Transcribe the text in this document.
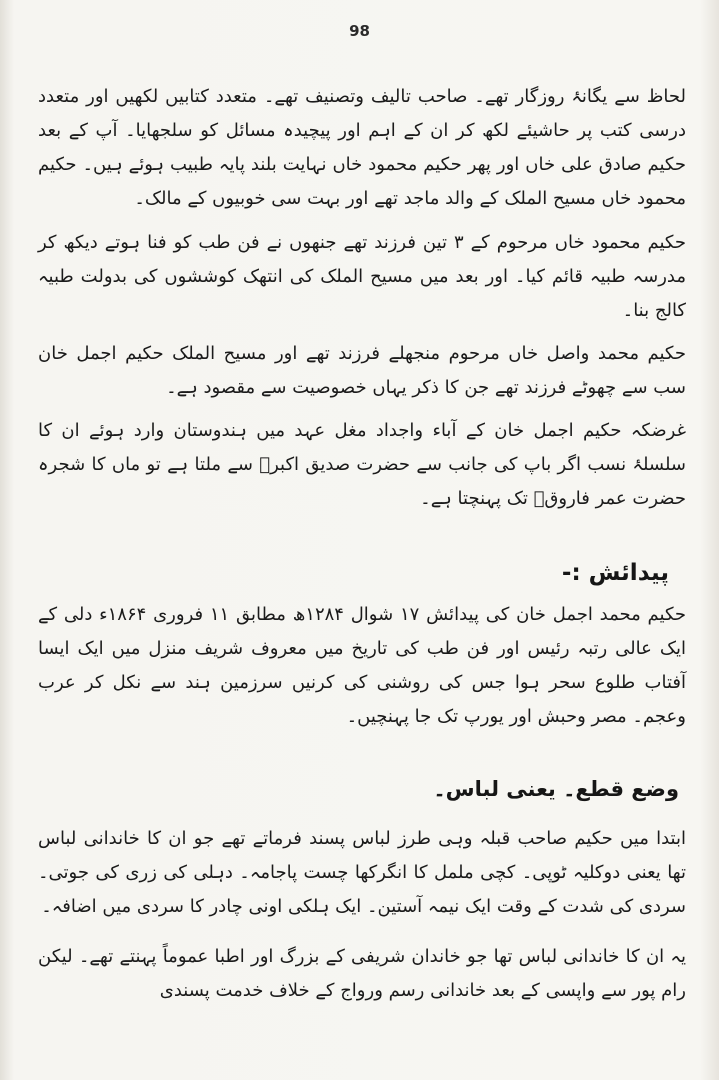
98

لحاظ سے یگانۂ روزگار تھے۔ صاحب تالیف وتصنیف تھے۔ متعدد کتابیں لکھیں اور متعدد درسی کتب پر حاشیئے لکھ کر ان کے اہم اور پیچیدہ مسائل کو سلجھایا۔ آپ کے بعد حکیم صادق علی خاں اور پھر حکیم محمود خاں نہایت بلند پایہ طبیب ہوئے ہیں۔ حکیم محمود خاں مسیح الملک کے والد ماجد تھے اور بہت سی خوبیوں کے مالک۔

حکیم محمود خاں مرحوم کے ۳ تین فرزند تھے جنھوں نے فن طب کو فنا ہوتے دیکھ کر مدرسہ طبیہ قائم کیا۔ اور بعد میں مسیح الملک کی انتھک کوششوں کی بدولت طبیہ کالج بنا۔

حکیم محمد واصل خاں مرحوم منجھلے فرزند تھے اور مسیح الملک حکیم اجمل خان سب سے چھوٹے فرزند تھے جن کا ذکر یہاں خصوصیت سے مقصود ہے۔

غرضکہ حکیم اجمل خان کے آباء واجداد مغل عہد میں ہندوستان وارد ہوئے ان کا سلسلۂ نسب اگر باپ کی جانب سے حضرت صدیق اکبرؓ سے ملتا ہے تو ماں کا شجرہ حضرت عمر فاروقؓ تک پہنچتا ہے۔

پیدائش :-

حکیم محمد اجمل خان کی پیدائش ۱۷ شوال ۱۲۸۴ھ مطابق ۱۱ فروری ۱۸۶۴ء دلی کے ایک عالی رتبہ رئیس اور فن طب کی تاریخ میں معروف شریف منزل میں ایک ایسا آفتاب طلوع سحر ہوا جس کی روشنی کی کرنیں سرزمین ہند سے نکل کر عرب وعجم۔ مصر وحبش اور یورپ تک جا پہنچیں۔

وضع قطع۔ یعنی لباس۔

ابتدا میں حکیم صاحب قبلہ وہی طرز لباس پسند فرماتے تھے جو ان کا خاندانی لباس تھا یعنی دوکلیہ ٹوپی۔ کچی ململ کا انگرکھا چست پاجامہ۔ دہلی کی زری کی جوتی۔ سردی کی شدت کے وقت ایک نیمہ آستین۔ ایک ہلکی اونی چادر کا سردی میں اضافہ۔

یہ ان کا خاندانی لباس تھا جو خاندان شریفی کے بزرگ اور اطبا عموماً پہنتے تھے۔ لیکن رام پور سے واپسی کے بعد خاندانی رسم ورواج کے خلاف خدمت پسندی
